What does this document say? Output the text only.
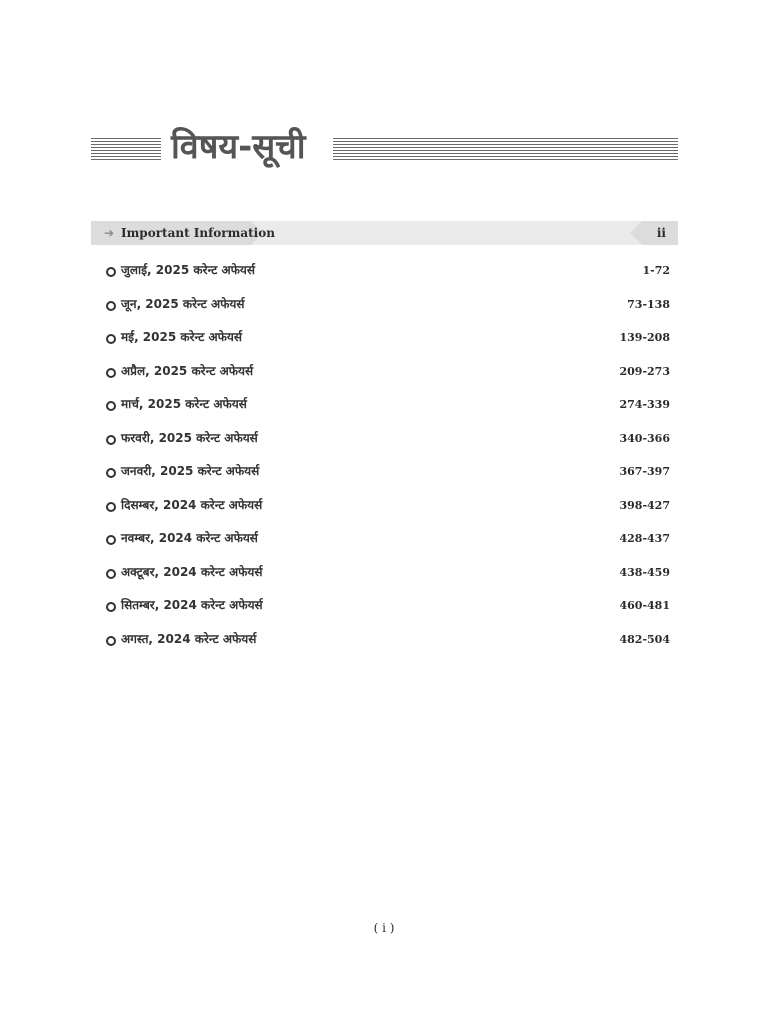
विषय-सूची
➔ Important Information	ii
जुलाई, 2025 करेन्ट अफेयर्स	1-72
जून, 2025 करेन्ट अफेयर्स	73-138
मई, 2025 करेन्ट अफेयर्स	139-208
अप्रैल, 2025 करेन्ट अफेयर्स	209-273
मार्च, 2025 करेन्ट अफेयर्स	274-339
फरवरी, 2025 करेन्ट अफेयर्स	340-366
जनवरी, 2025 करेन्ट अफेयर्स	367-397
दिसम्बर, 2024 करेन्ट अफेयर्स	398-427
नवम्बर, 2024 करेन्ट अफेयर्स	428-437
अक्टूबर, 2024 करेन्ट अफेयर्स	438-459
सितम्बर, 2024 करेन्ट अफेयर्स	460-481
अगस्त, 2024 करेन्ट अफेयर्स	482-504
( i )
